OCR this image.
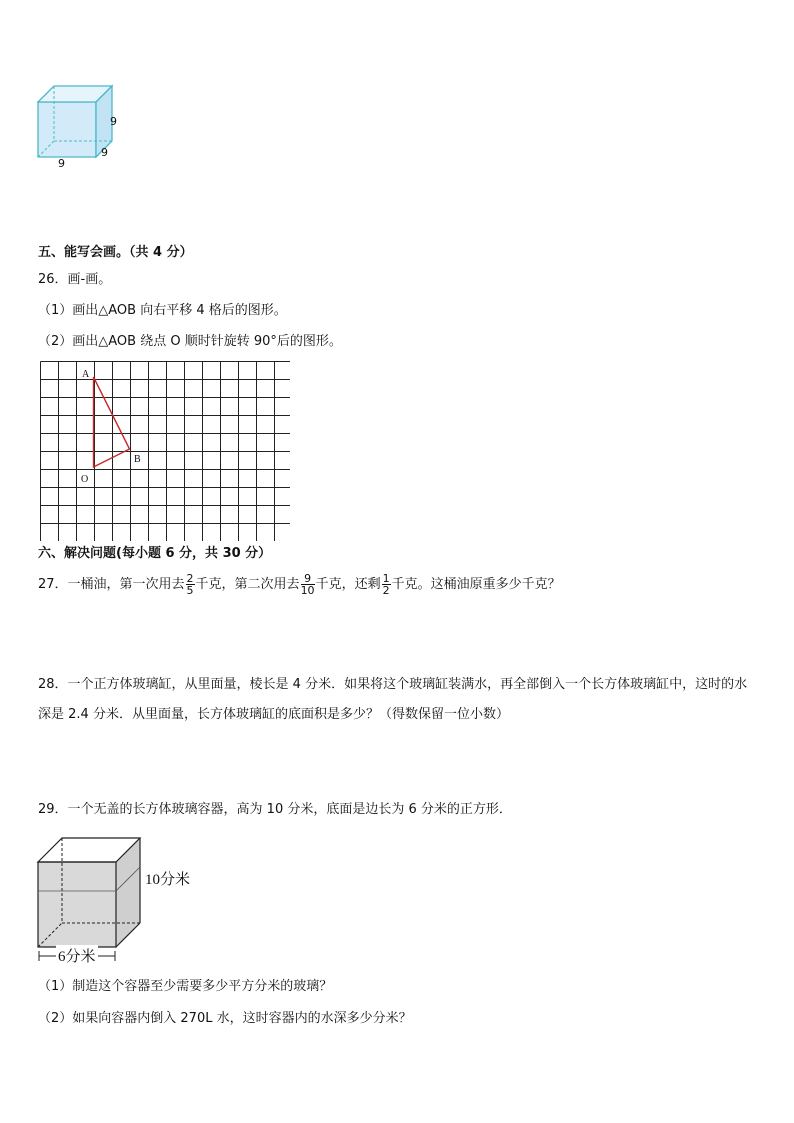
9
9
9
五、能写会画。（共 4 分）
26．画-画。
（1）画出△AOB 向右平移 4 格后的图形。
（2）画出△AOB 绕点 O 顺时针旋转 90°后的图形。
A
B
O
六、解决问题(每小题 6 分，共 30 分）
27．一桶油，第一次用去 $\frac{2}{5}$ 千克，第二次用去 $\frac{9}{10}$ 千克，还剩 $\frac{1}{2}$ 千克。这桶油原重多少千克？
28．一个正方体玻璃缸，从里面量，棱长是 4 分米．如果将这个玻璃缸装满水，再全部倒入一个长方体玻璃缸中，这时的水深是 2.4 分米．从里面量，长方体玻璃缸的底面积是多少？（得数保留一位小数）
29．一个无盖的长方体玻璃容器，高为 10 分米，底面是边长为 6 分米的正方形．
10分米
6分米
（1）制造这个容器至少需要多少平方分米的玻璃？
（2）如果向容器内倒入 270L 水，这时容器内的水深多少分米？
